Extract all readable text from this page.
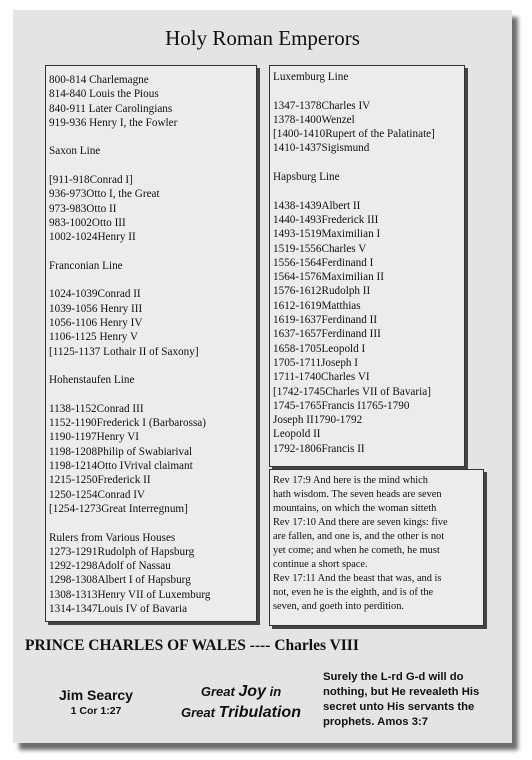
Holy Roman Emperors
800-814 Charlemagne
814-840 Louis the Pious
840-911 Later Carolingians
919-936 Henry I, the Fowler
Saxon Line
[911-918Conrad I]
936-973Otto I, the Great
973-983Otto II
983-1002Otto III
1002-1024Henry II
Franconian Line
1024-1039Conrad II
1039-1056 Henry III
1056-1106 Henry IV
1106-1125 Henry V
[1125-1137 Lothair II of Saxony]
Hohenstaufen Line
1138-1152Conrad III
1152-1190Frederick I (Barbarossa)
1190-1197Henry VI
1198-1208Philip of Swabiarival
1198-1214Otto IVrival claimant
1215-1250Frederick II
1250-1254Conrad IV
[1254-1273Great Interregnum]
Rulers from Various Houses
1273-1291Rudolph of Hapsburg
1292-1298Adolf of Nassau
1298-1308Albert I of Hapsburg
1308-1313Henry VII of Luxemburg
1314-1347Louis IV of Bavaria
Luxemburg Line
1347-1378Charles IV
1378-1400Wenzel
[1400-1410Rupert of the Palatinate]
1410-1437Sigismund
Hapsburg Line
1438-1439Albert II
1440-1493Frederick III
1493-1519Maximilian I
1519-1556Charles V
1556-1564Ferdinand I
1564-1576Maximilian II
1576-1612Rudolph II
1612-1619Matthias
1619-1637Ferdinand II
1637-1657Ferdinand III
1658-1705Leopold I
1705-1711Joseph I
1711-1740Charles VI
[1742-1745Charles VII of Bavaria]
1745-1765Francis I1765-1790
Joseph II1790-1792
Leopold II
1792-1806Francis II
Rev 17:9 And here is the mind which
hath wisdom. The seven heads are seven
mountains, on which the woman sitteth
Rev 17:10 And there are seven kings: five
are fallen, and one is, and the other is not
yet come; and when he cometh, he must
continue a short space.
Rev 17:11 And the beast that was, and is
not, even he is the eighth, and is of the
seven, and goeth into perdition.
PRINCE CHARLES OF WALES ---- Charles VIII
Jim Searcy
1 Cor 1:27
Great Joy in
Great Tribulation
Surely the L-rd G-d will do
nothing, but He revealeth His
secret unto His servants the
prophets. Amos 3:7
